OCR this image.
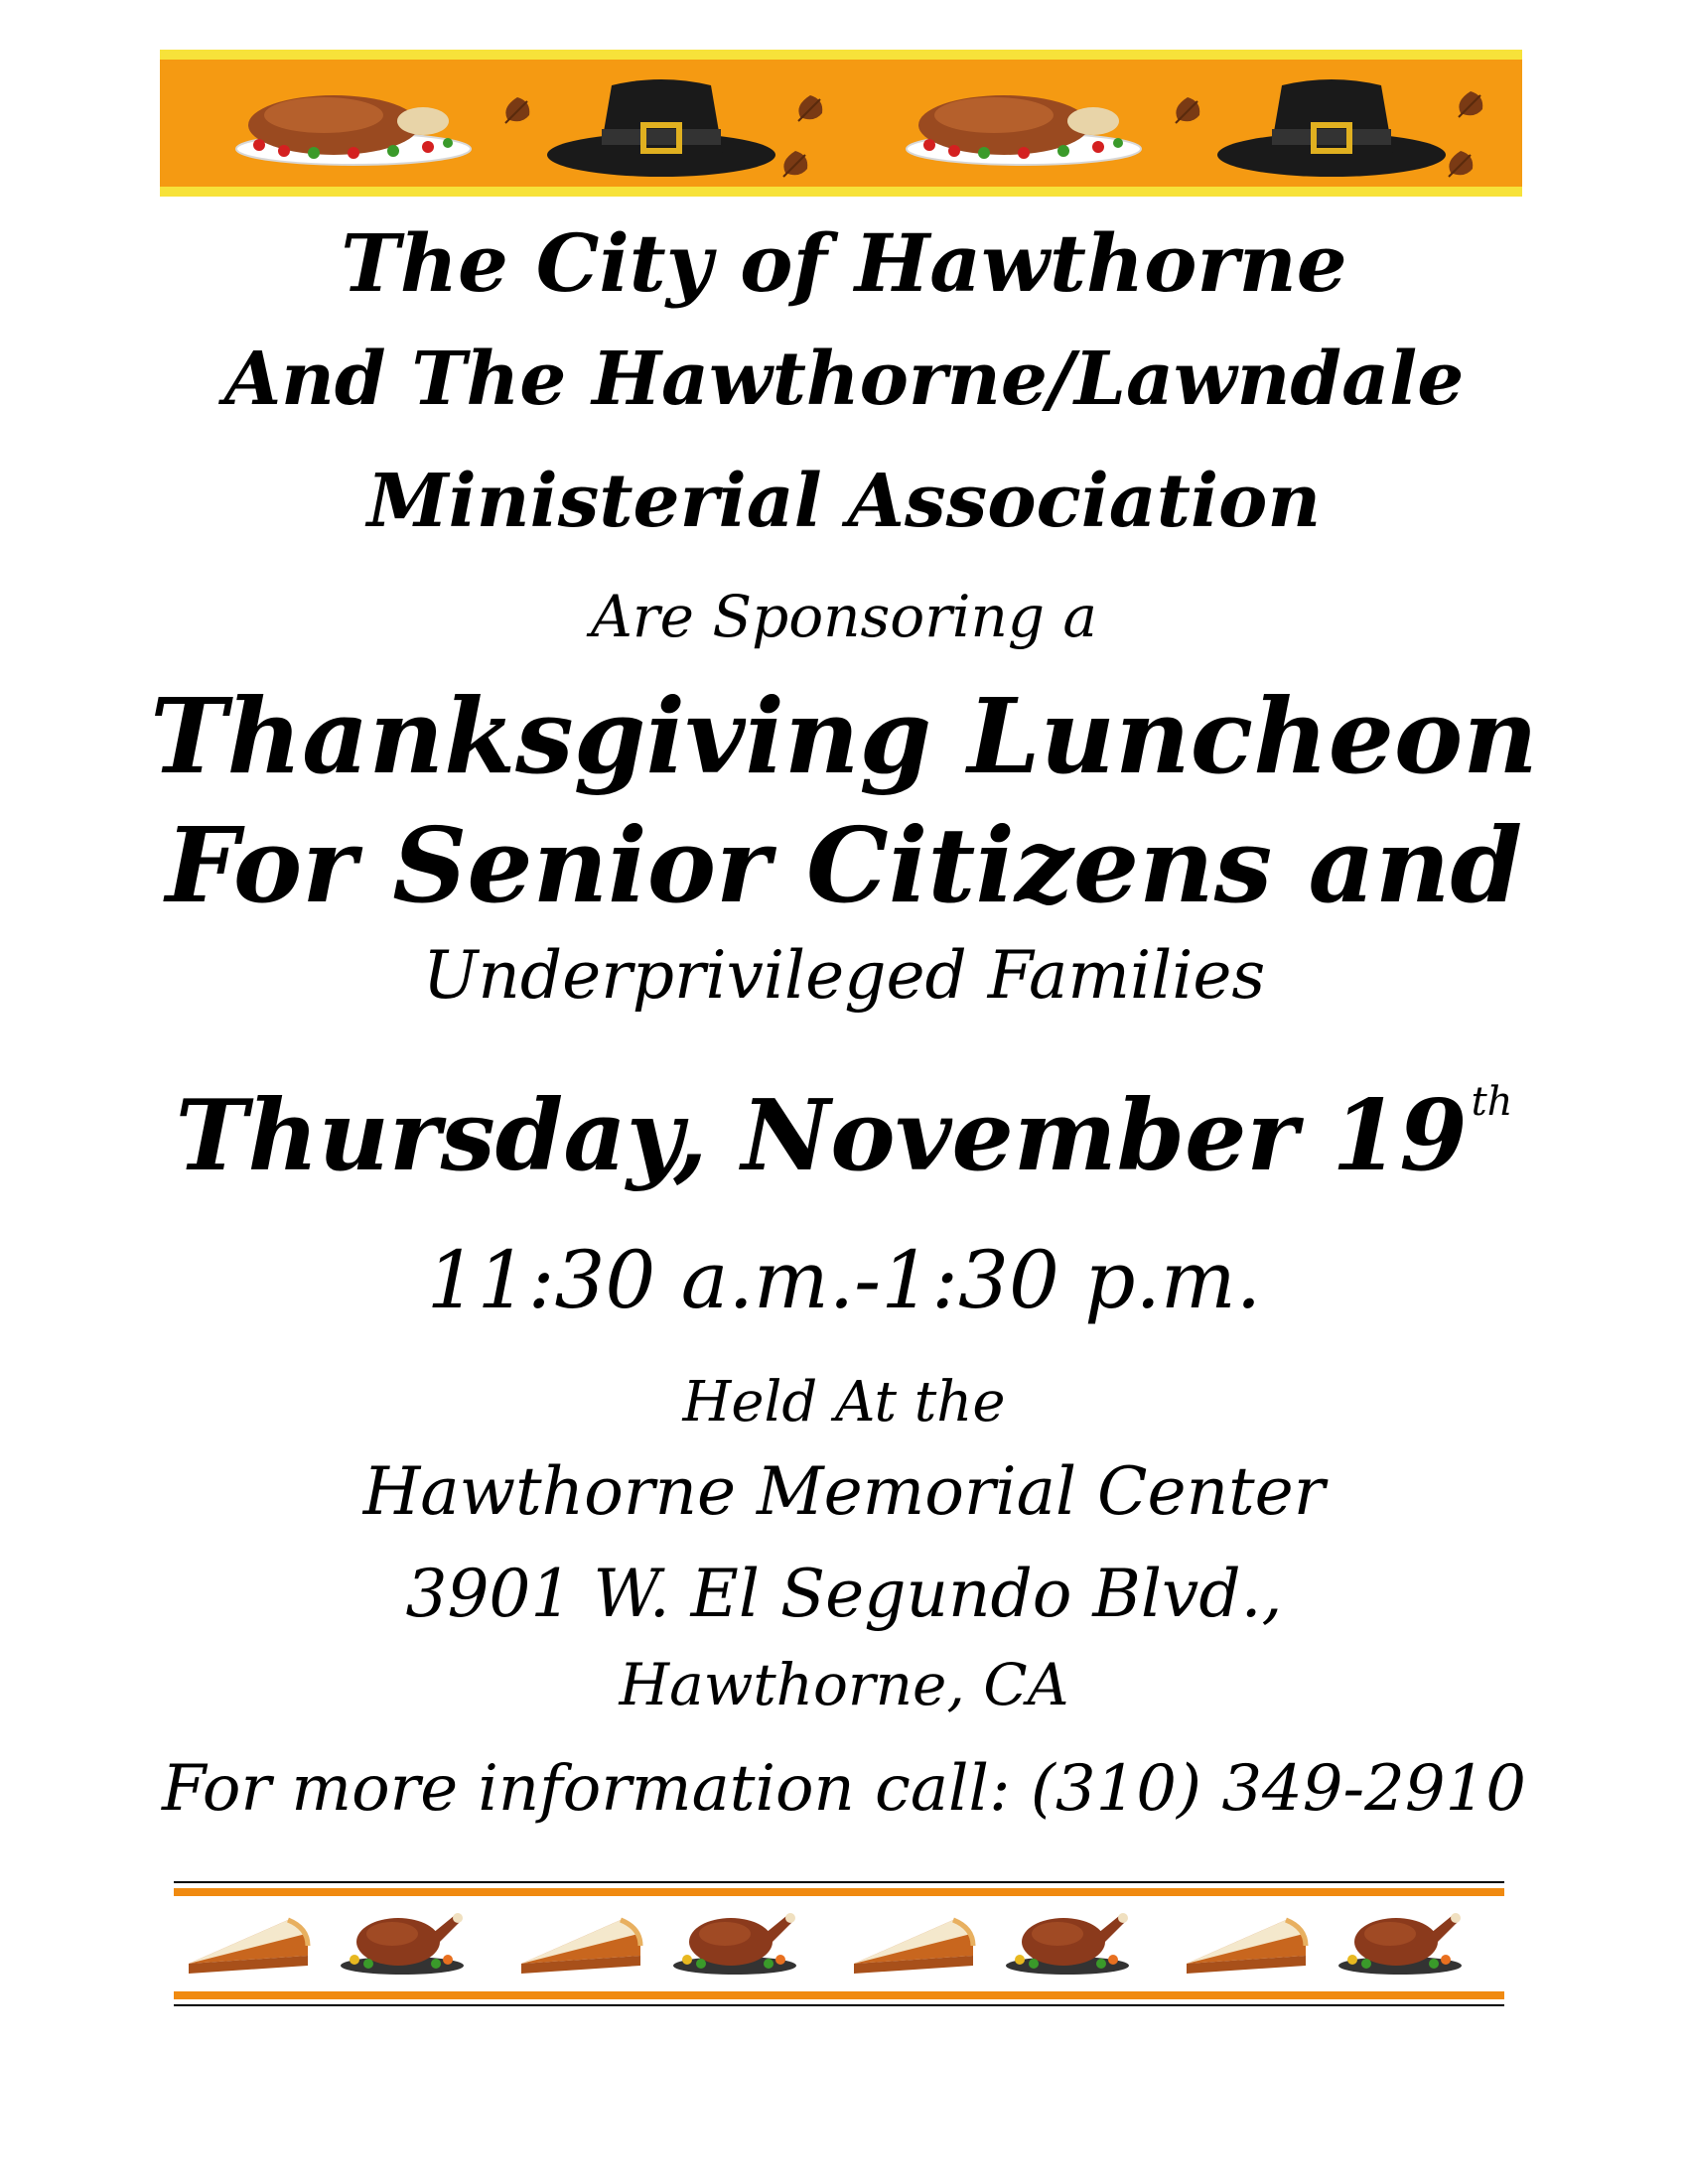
The City of Hawthorne
And The Hawthorne/Lawndale
Ministerial Association
Are Sponsoring a
Thanksgiving Luncheon
For Senior Citizens and
Underprivileged Families
Thursday, November 19 $^{th}$
11:30 a.m.-1:30 p.m.
Held At the
Hawthorne Memorial Center
3901 W. El Segundo Blvd.,
Hawthorne, CA
For more information call: (310) 349-2910
